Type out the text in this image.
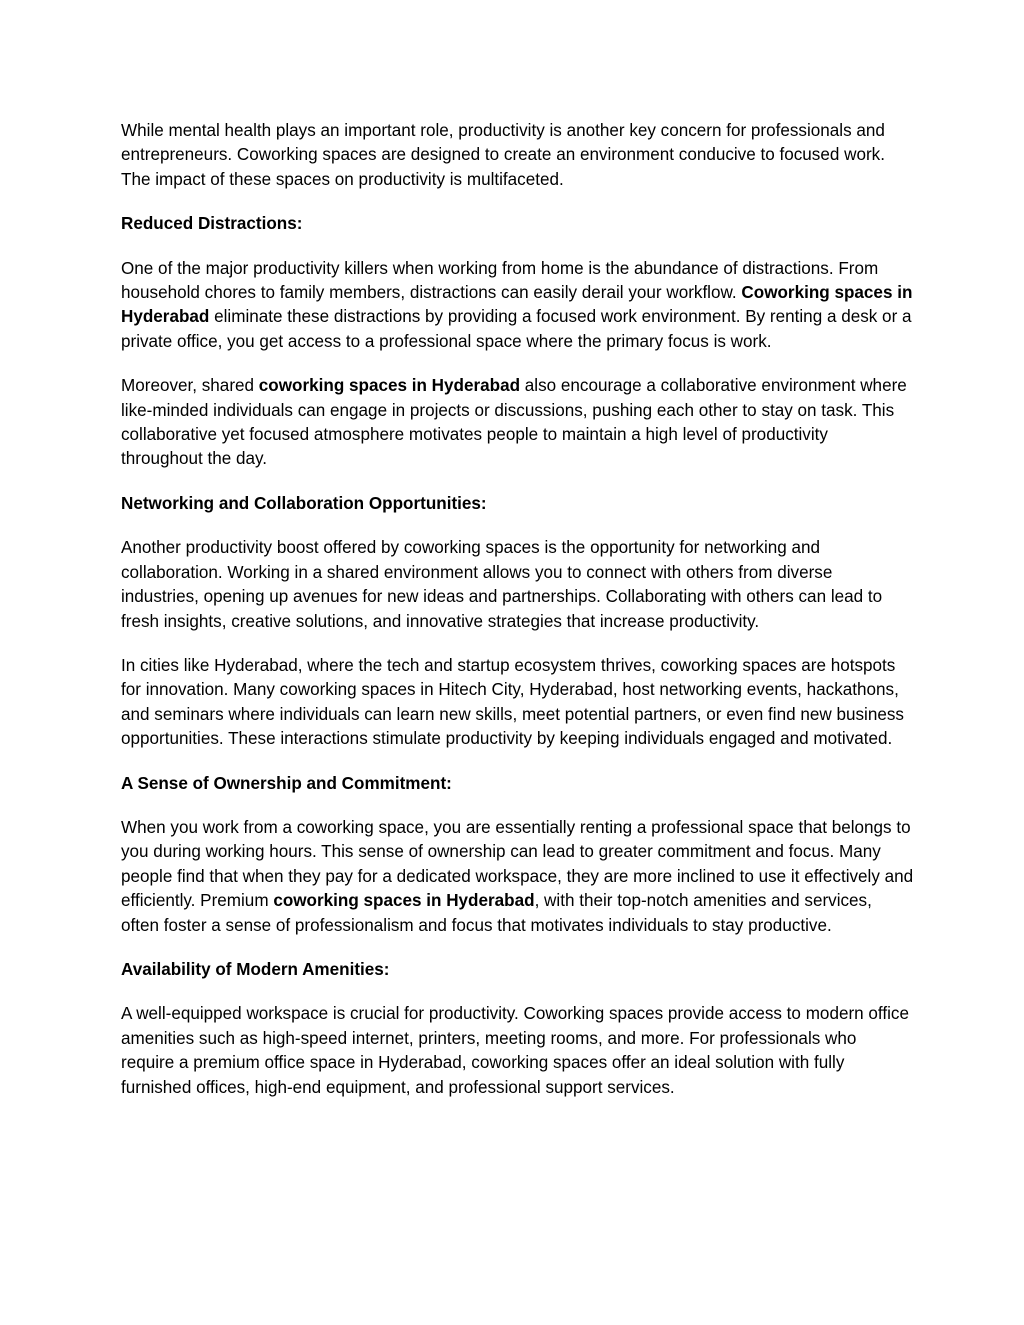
While mental health plays an important role, productivity is another key concern for professionals and entrepreneurs. Coworking spaces are designed to create an environment conducive to focused work. The impact of these spaces on productivity is multifaceted.

Reduced Distractions:

One of the major productivity killers when working from home is the abundance of distractions. From household chores to family members, distractions can easily derail your workflow. Coworking spaces in Hyderabad eliminate these distractions by providing a focused work environment. By renting a desk or a private office, you get access to a professional space where the primary focus is work.

Moreover, shared coworking spaces in Hyderabad also encourage a collaborative environment where like-minded individuals can engage in projects or discussions, pushing each other to stay on task. This collaborative yet focused atmosphere motivates people to maintain a high level of productivity throughout the day.

Networking and Collaboration Opportunities:

Another productivity boost offered by coworking spaces is the opportunity for networking and collaboration. Working in a shared environment allows you to connect with others from diverse industries, opening up avenues for new ideas and partnerships. Collaborating with others can lead to fresh insights, creative solutions, and innovative strategies that increase productivity.

In cities like Hyderabad, where the tech and startup ecosystem thrives, coworking spaces are hotspots for innovation. Many coworking spaces in Hitech City, Hyderabad, host networking events, hackathons, and seminars where individuals can learn new skills, meet potential partners, or even find new business opportunities. These interactions stimulate productivity by keeping individuals engaged and motivated.

A Sense of Ownership and Commitment:

When you work from a coworking space, you are essentially renting a professional space that belongs to you during working hours. This sense of ownership can lead to greater commitment and focus. Many people find that when they pay for a dedicated workspace, they are more inclined to use it effectively and efficiently. Premium coworking spaces in Hyderabad, with their top-notch amenities and services, often foster a sense of professionalism and focus that motivates individuals to stay productive.

Availability of Modern Amenities:

A well-equipped workspace is crucial for productivity. Coworking spaces provide access to modern office amenities such as high-speed internet, printers, meeting rooms, and more. For professionals who require a premium office space in Hyderabad, coworking spaces offer an ideal solution with fully furnished offices, high-end equipment, and professional support services.
